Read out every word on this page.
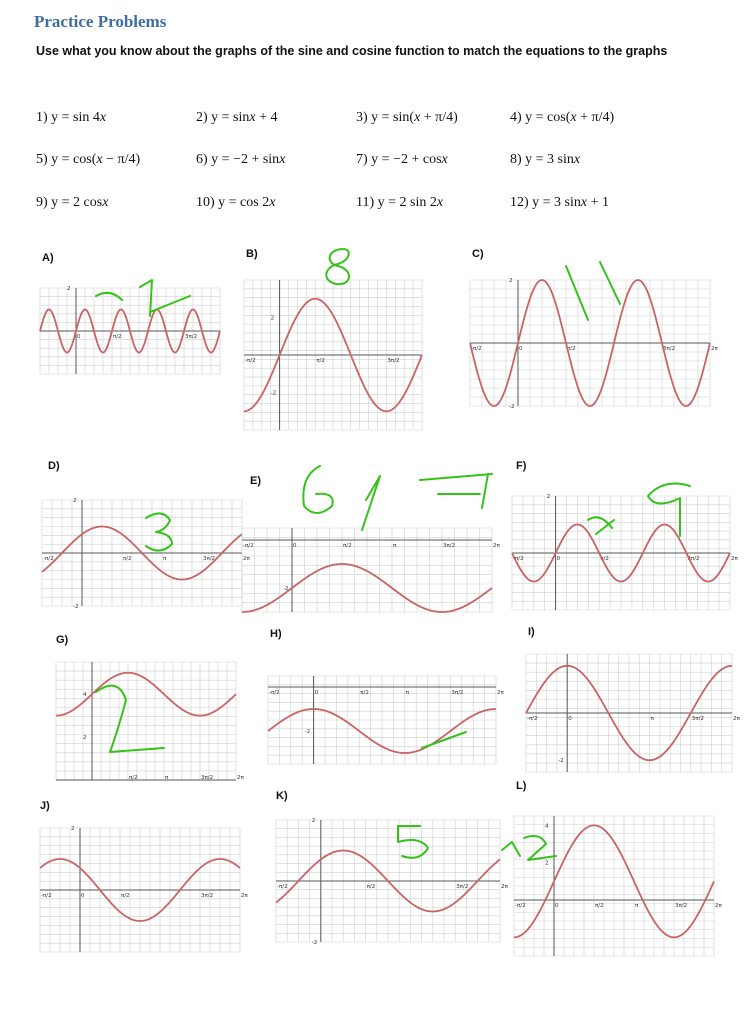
Practice Problems
Use what you know about the graphs of the sine and cosine function to match the equations to the graphs
1) y = sin 4x	2) y = sinx + 4	3) y = sin(x + π/4)	4) y = cos(x + π/4)
5) y = cos(x − π/4)	6) y = −2 + sinx	7) y = −2 + cosx	8) y = 3 sinx
9) y = 2 cosx	10) y = cos 2x	11) y = 2 sin 2x	12) y = 3 sinx + 1
A)
0	π/2	3π/2
2
B)
-π/2	π/2	3π/2
2
-2
C)
-π/2	0	π/2	3π/2	2π
2
-2
D)
-π/2	π/2	π	3π/2	2π
2
-2
E)
-π/2	0	π/2	π	3π/2	2π
-2
F)
-π/2	0	π/2	3π/2	2π
2
G)
π/2	π	3π/2	2π
4
2
H)
-π/2	0	π/2	π	3π/2	2π
-2
I)
-π/2	0	π	3π/2	2π
-2
J)
-π/2	0	π/2	3π/2	2π
2
K)
-π/2	π/2	3π/2	2π
2
-2
L)
-π/2	0	π/2	π	3π/2	2π
4
2
